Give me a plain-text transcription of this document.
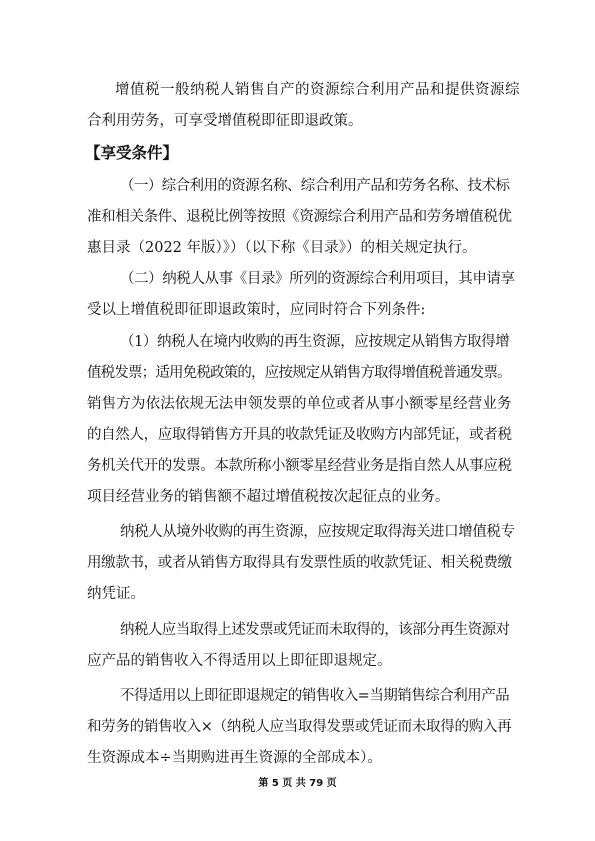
增值税一般纳税人销售自产的资源综合利用产品和提供资源综
合利用劳务，可享受增值税即征即退政策。
【享受条件】
（一）综合利用的资源名称、综合利用产品和劳务名称、技术标
准和相关条件、退税比例等按照《资源综合利用产品和劳务增值税优
惠目录（2022 年版）》）（以下称《目录》）的相关规定执行。
（二）纳税人从事《目录》所列的资源综合利用项目，其申请享
受以上增值税即征即退政策时，应同时符合下列条件:
（1）纳税人在境内收购的再生资源，应按规定从销售方取得增
值税发票；适用免税政策的，应按规定从销售方取得增值税普通发票。
销售方为依法依规无法申领发票的单位或者从事小额零星经营业务
的自然人，应取得销售方开具的收款凭证及收购方内部凭证，或者税
务机关代开的发票。本款所称小额零星经营业务是指自然人从事应税
项目经营业务的销售额不超过增值税按次起征点的业务。
纳税人从境外收购的再生资源，应按规定取得海关进口增值税专
用缴款书，或者从销售方取得具有发票性质的收款凭证、相关税费缴
纳凭证。
纳税人应当取得上述发票或凭证而未取得的，该部分再生资源对
应产品的销售收入不得适用以上即征即退规定。
不得适用以上即征即退规定的销售收入=当期销售综合利用产品
和劳务的销售收入×（纳税人应当取得发票或凭证而未取得的购入再
生资源成本÷当期购进再生资源的全部成本）。
第 5 页 共 79 页
